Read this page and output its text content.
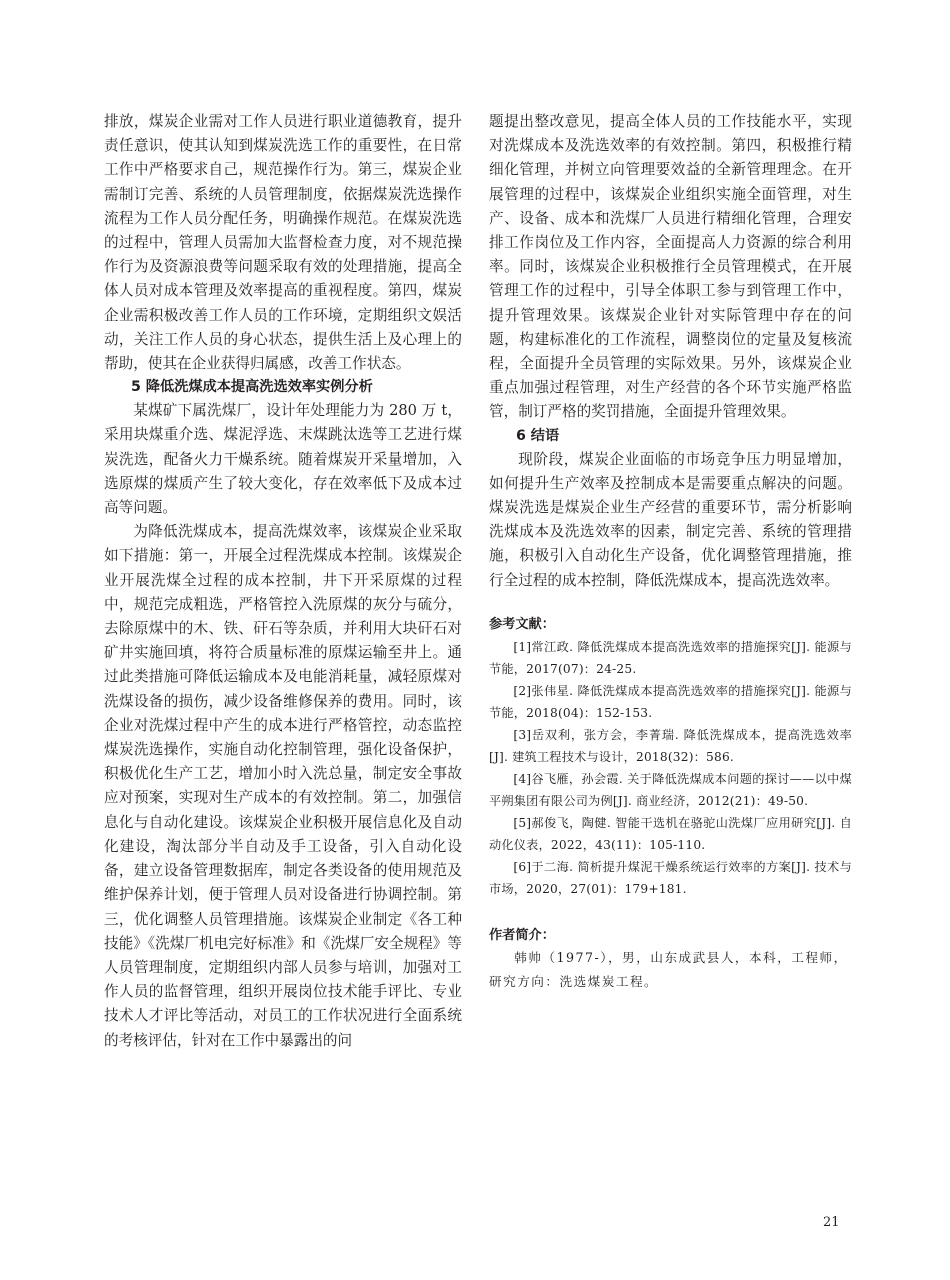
排放，煤炭企业需对工作人员进行职业道德教育，提升责任意识，使其认知到煤炭洗选工作的重要性，在日常工作中严格要求自己，规范操作行为。第三，煤炭企业需制订完善、系统的人员管理制度，依据煤炭洗选操作流程为工作人员分配任务，明确操作规范。在煤炭洗选的过程中，管理人员需加大监督检查力度，对不规范操作行为及资源浪费等问题采取有效的处理措施，提高全体人员对成本管理及效率提高的重视程度。第四，煤炭企业需积极改善工作人员的工作环境，定期组织文娱活动，关注工作人员的身心状态，提供生活上及心理上的帮助，使其在企业获得归属感，改善工作状态。

5 降低洗煤成本提高洗选效率实例分析

某煤矿下属洗煤厂，设计年处理能力为 280 万 t，采用块煤重介选、煤泥浮选、末煤跳汰选等工艺进行煤炭洗选，配备火力干燥系统。随着煤炭开采量增加，入选原煤的煤质产生了较大变化，存在效率低下及成本过高等问题。

为降低洗煤成本，提高洗煤效率，该煤炭企业采取如下措施：第一，开展全过程洗煤成本控制。该煤炭企业开展洗煤全过程的成本控制，井下开采原煤的过程中，规范完成粗选，严格管控入洗原煤的灰分与硫分，去除原煤中的木、铁、矸石等杂质，并利用大块矸石对矿井实施回填，将符合质量标准的原煤运输至井上。通过此类措施可降低运输成本及电能消耗量，减轻原煤对洗煤设备的损伤，减少设备维修保养的费用。同时，该企业对洗煤过程中产生的成本进行严格管控，动态监控煤炭洗选操作，实施自动化控制管理，强化设备保护，积极优化生产工艺，增加小时入洗总量，制定安全事故应对预案，实现对生产成本的有效控制。第二，加强信息化与自动化建设。该煤炭企业积极开展信息化及自动化建设，淘汰部分半自动及手工设备，引入自动化设备，建立设备管理数据库，制定各类设备的使用规范及维护保养计划，便于管理人员对设备进行协调控制。第三，优化调整人员管理措施。该煤炭企业制定《各工种技能》《洗煤厂机电完好标准》和《洗煤厂安全规程》等人员管理制度，定期组织内部人员参与培训，加强对工作人员的监督管理，组织开展岗位技术能手评比、专业技术人才评比等活动，对员工的工作状况进行全面系统的考核评估，针对在工作中暴露出的问

题提出整改意见，提高全体人员的工作技能水平，实现对洗煤成本及洗选效率的有效控制。第四，积极推行精细化管理，并树立向管理要效益的全新管理理念。在开展管理的过程中，该煤炭企业组织实施全面管理，对生产、设备、成本和洗煤厂人员进行精细化管理，合理安排工作岗位及工作内容，全面提高人力资源的综合利用率。同时，该煤炭企业积极推行全员管理模式，在开展管理工作的过程中，引导全体职工参与到管理工作中，提升管理效果。该煤炭企业针对实际管理中存在的问题，构建标准化的工作流程，调整岗位的定量及复核流程，全面提升全员管理的实际效果。另外，该煤炭企业重点加强过程管理，对生产经营的各个环节实施严格监管，制订严格的奖罚措施，全面提升管理效果。

6 结语

现阶段，煤炭企业面临的市场竞争压力明显增加，如何提升生产效率及控制成本是需要重点解决的问题。煤炭洗选是煤炭企业生产经营的重要环节，需分析影响洗煤成本及洗选效率的因素，制定完善、系统的管理措施，积极引入自动化生产设备，优化调整管理措施，推行全过程的成本控制，降低洗煤成本，提高洗选效率。

参考文献：

[1]常江政. 降低洗煤成本提高洗选效率的措施探究[J]. 能源与节能，2017(07)：24-25.

[2]张伟星. 降低洗煤成本提高洗选效率的措施探究[J]. 能源与节能，2018(04)：152-153.

[3]岳双利，张方会，李菁瑞. 降低洗煤成本，提高洗选效率[J]. 建筑工程技术与设计，2018(32)：586.

[4]谷飞雁，孙会霞. 关于降低洗煤成本问题的探讨——以中煤平朔集团有限公司为例[J]. 商业经济，2012(21)：49-50.

[5]郝俊飞，陶健. 智能干选机在骆驼山洗煤厂应用研究[J]. 自动化仪表，2022，43(11)：105-110.

[6]于二海. 简析提升煤泥干燥系统运行效率的方案[J]. 技术与市场，2020，27(01)：179+181.

作者简介：

韩帅（1977-），男，山东成武县人，本科，工程师，研究方向：洗选煤炭工程。

21
